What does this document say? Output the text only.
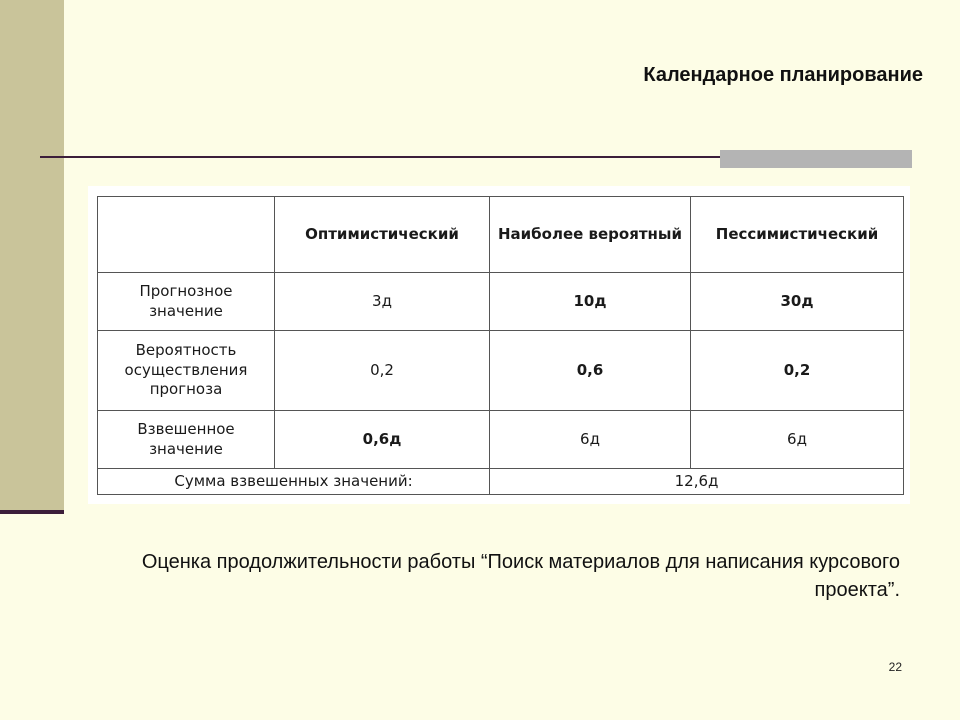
Календарное планирование
	Оптимистический	Наиболее вероятный	Пессимистический
Прогнозное значение	3д	10д	30д
Вероятность осуществления прогноза	0,2	0,6	0,2
Взвешенное значение	0,6д	6д	6д
Сумма взвешенных значений:		12,6д	
Оценка продолжительности работы “Поиск материалов для написания курсового проекта”.
22
